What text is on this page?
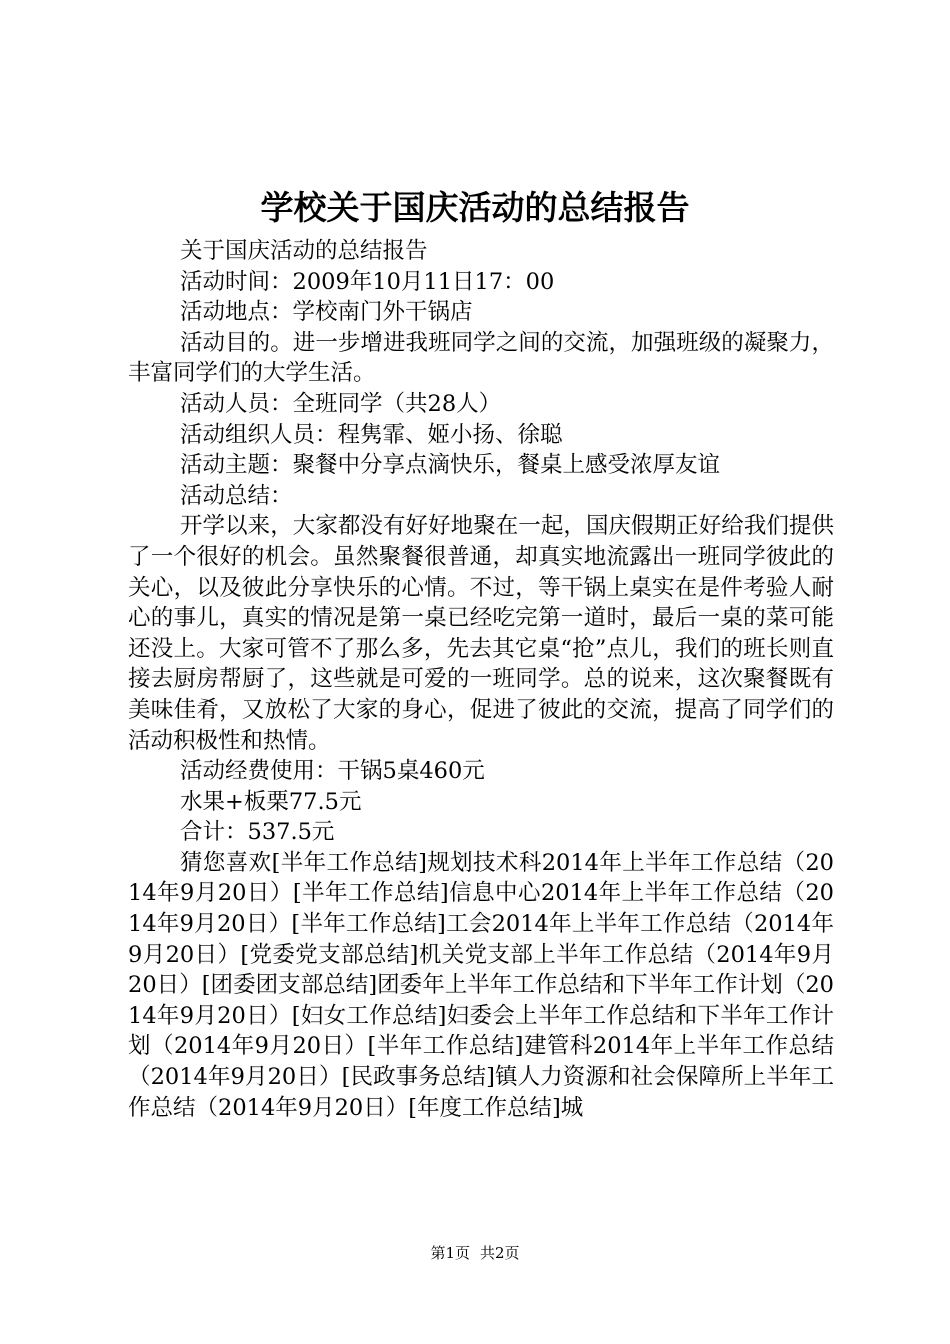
学校关于国庆活动的总结报告

关于国庆活动的总结报告

活动时间：2009年10月11日17：00

活动地点：学校南门外干锅店

活动目的。进一步增进我班同学之间的交流，加强班级的凝聚力，丰富同学们的大学生活。

活动人员：全班同学（共28人）

活动组织人员：程隽霏、姬小扬、徐聪

活动主题：聚餐中分享点滴快乐，餐桌上感受浓厚友谊

活动总结：

开学以来，大家都没有好好地聚在一起，国庆假期正好给我们提供了一个很好的机会。虽然聚餐很普通，却真实地流露出一班同学彼此的关心，以及彼此分享快乐的心情。不过，等干锅上桌实在是件考验人耐心的事儿，真实的情况是第一桌已经吃完第一道时，最后一桌的菜可能还没上。大家可管不了那么多，先去其它桌“抢”点儿，我们的班长则直接去厨房帮厨了，这些就是可爱的一班同学。总的说来，这次聚餐既有美味佳肴，又放松了大家的身心，促进了彼此的交流，提高了同学们的活动积极性和热情。

活动经费使用：干锅5桌460元

水果+板栗77.5元

合计：537.5元

猜您喜欢[半年工作总结]规划技术科2014年上半年工作总结（2014年9月20日）[半年工作总结]信息中心2014年上半年工作总结（2014年9月20日）[半年工作总结]工会2014年上半年工作总结（2014年9月20日）[党委党支部总结]机关党支部上半年工作总结（2014年9月20日）[团委团支部总结]团委年上半年工作总结和下半年工作计划（2014年9月20日）[妇女工作总结]妇委会上半年工作总结和下半年工作计划（2014年9月20日）[半年工作总结]建管科2014年上半年工作总结（2014年9月20日）[民政事务总结]镇人力资源和社会保障所上半年工作总结（2014年9月20日）[年度工作总结]城

第1页 共2页
